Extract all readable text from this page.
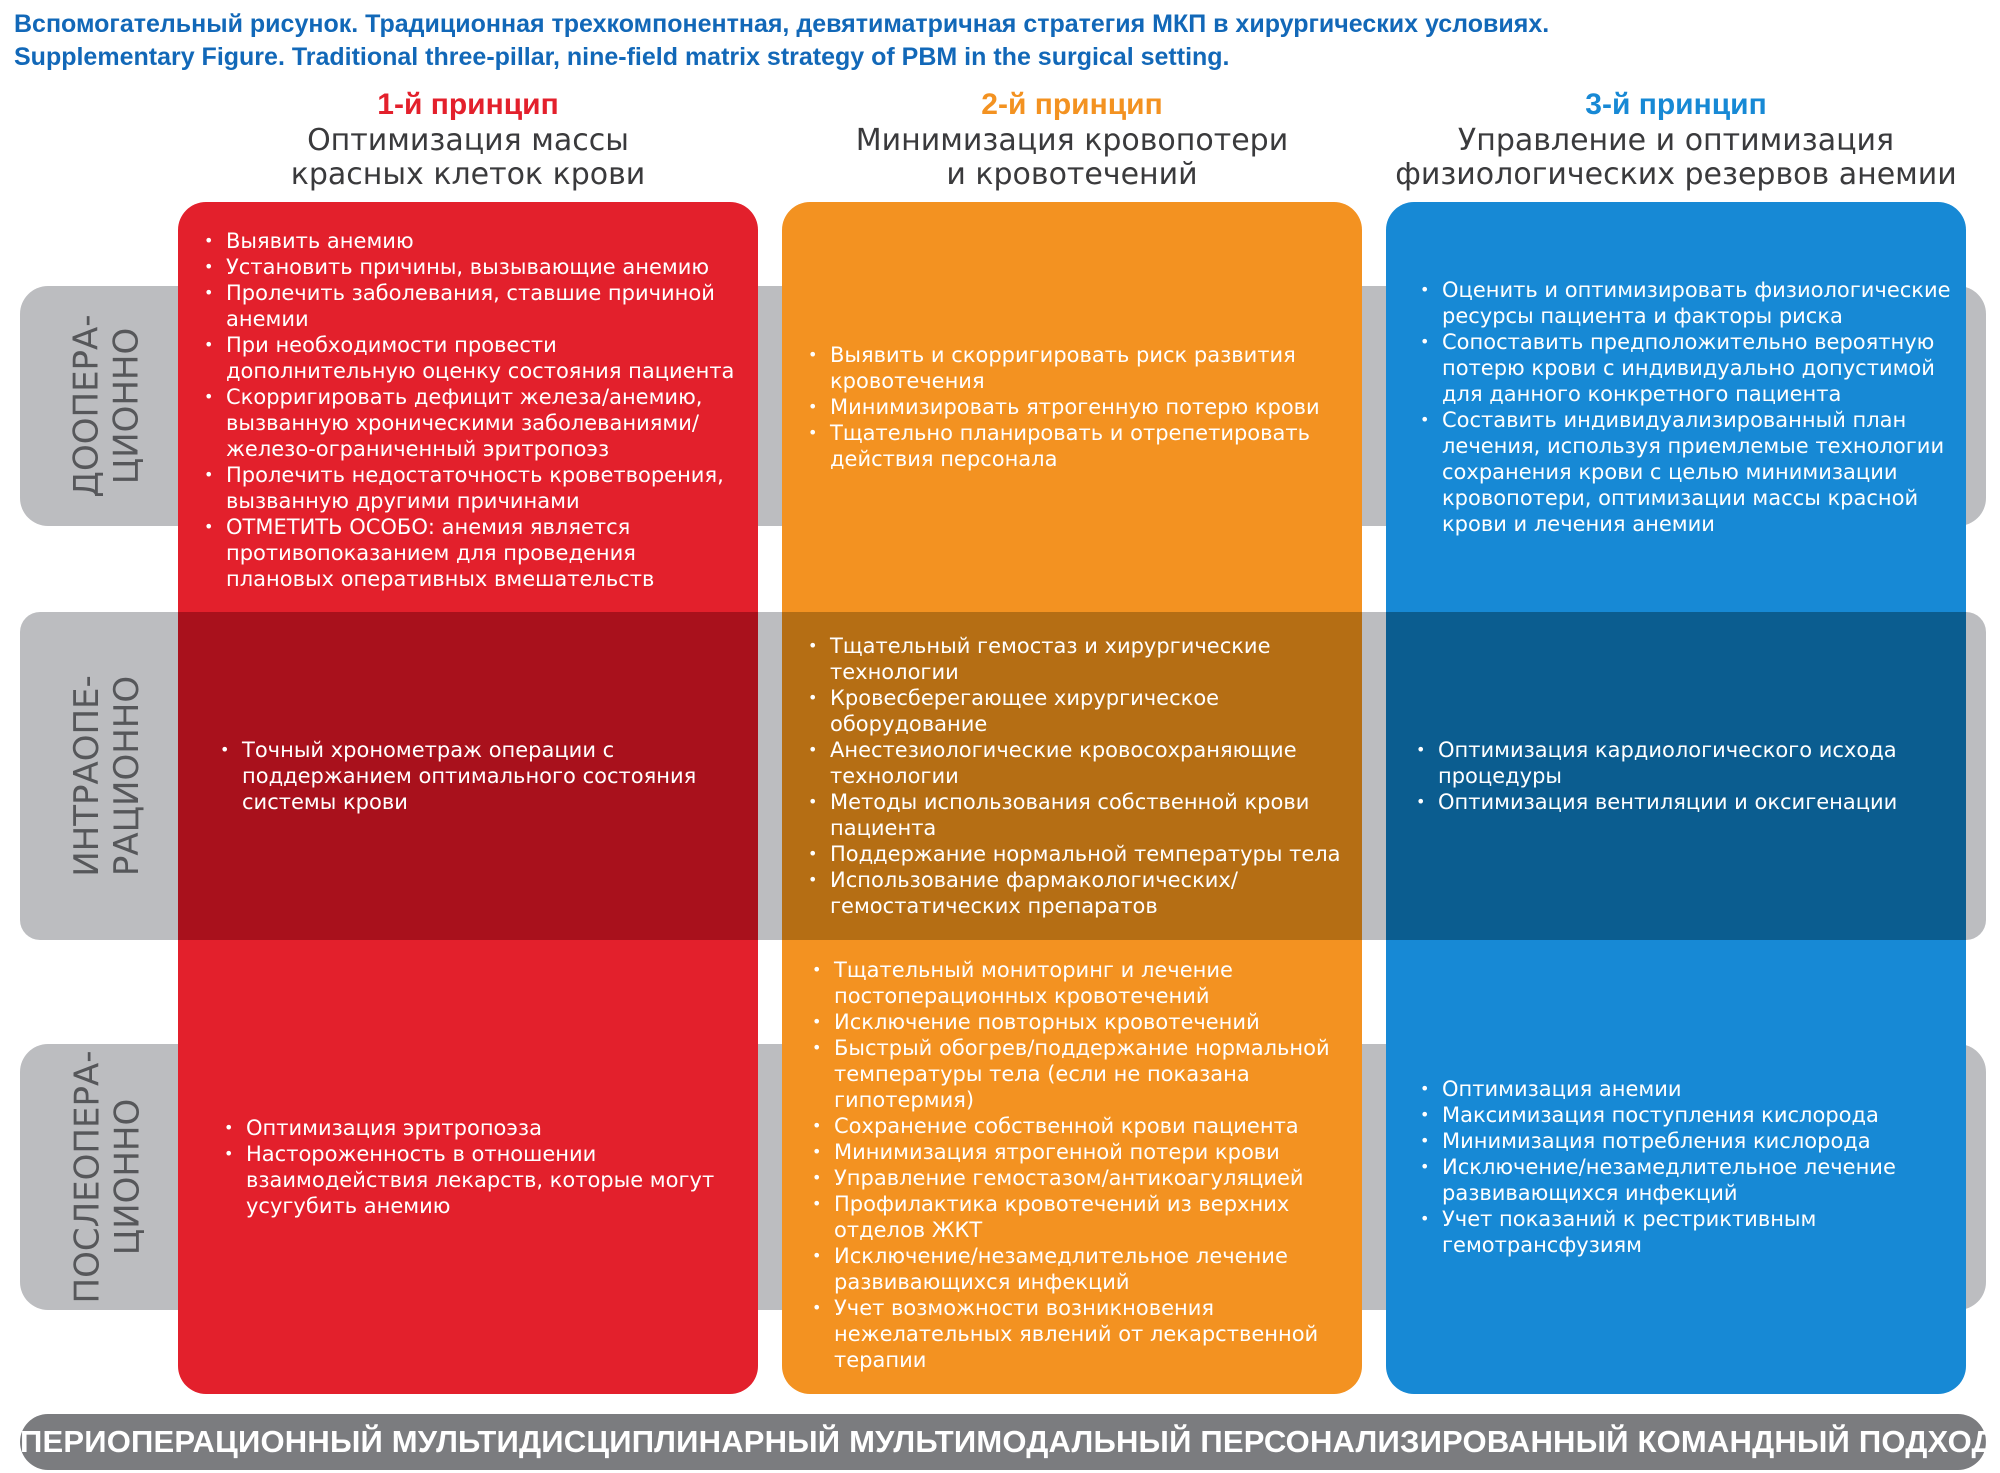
Вспомогательный рисунок. Традиционная трехкомпонентная, девятиматричная стратегия МКП в хирургических условиях.
Supplementary Figure. Traditional three-pillar, nine-field matrix strategy of PBM in the surgical setting.
1-й принцип
Оптимизация массы
красных клеток крови
2-й принцип
Минимизация кровопотери
и кровотечений
3-й принцип
Управление и оптимизация
физиологических резервов анемии
ДООПЕРА- ЦИОННО
ИНТРАОПЕ- РАЦИОННО
ПОСЛЕОПЕРА- ЦИОННО
• Выявить анемию
• Установить причины, вызывающие анемию
• Пролечить заболевания, ставшие причиной анемии
• При необходимости провести дополнительную оценку состояния пациента
• Скорригировать дефицит железа/анемию, вызванную хроническими заболеваниями/ железо-ограниченный эритропоэз
• Пролечить недостаточность кроветворения, вызванную другими причинами
• ОТМЕТИТЬ ОСОБО: анемия является противопоказанием для проведения плановых оперативных вмешательств
• Точный хронометраж операции с поддержанием оптимального состояния системы крови
• Оптимизация эритропоэза
• Настороженность в отношении взаимодействия лекарств, которые могут усугубить анемию
• Выявить и скорригировать риск развития кровотечения
• Минимизировать ятрогенную потерю крови
• Тщательно планировать и отрепетировать действия персонала
• Тщательный гемостаз и хирургические технологии
• Кровесберегающее хирургическое оборудование
• Анестезиологические кровосохраняющие технологии
• Методы использования собственной крови пациента
• Поддержание нормальной температуры тела
• Использование фармакологических/ гемостатических препаратов
• Тщательный мониторинг и лечение постоперационных кровотечений
• Исключение повторных кровотечений
• Быстрый обогрев/поддержание нормальной температуры тела (если не показана гипотермия)
• Сохранение собственной крови пациента
• Минимизация ятрогенной потери крови
• Управление гемостазом/антикоагуляцией
• Профилактика кровотечений из верхних отделов ЖКТ
• Исключение/незамедлительное лечение развивающихся инфекций
• Учет возможности возникновения нежелательных явлений от лекарственной терапии
• Оценить и оптимизировать физиологические ресурсы пациента и факторы риска
• Сопоставить предположительно вероятную потерю крови с индивидуально допустимой для данного конкретного пациента
• Составить индивидуализированный план лечения, используя приемлемые технологии сохранения крови с целью минимизации кровопотери, оптимизации массы красной крови и лечения анемии
• Оптимизация кардиологического исхода процедуры
• Оптимизация вентиляции и оксигенации
• Оптимизация анемии
• Максимизация поступления кислорода
• Минимизация потребления кислорода
• Исключение/незамедлительное лечение развивающихся инфекций
• Учет показаний к рестриктивным гемотрансфузиям
ПЕРИОПЕРАЦИОННЫЙ МУЛЬТИДИСЦИПЛИНАРНЫЙ МУЛЬТИМОДАЛЬНЫЙ ПЕРСОНАЛИЗИРОВАННЫЙ КОМАНДНЫЙ ПОДХОД
